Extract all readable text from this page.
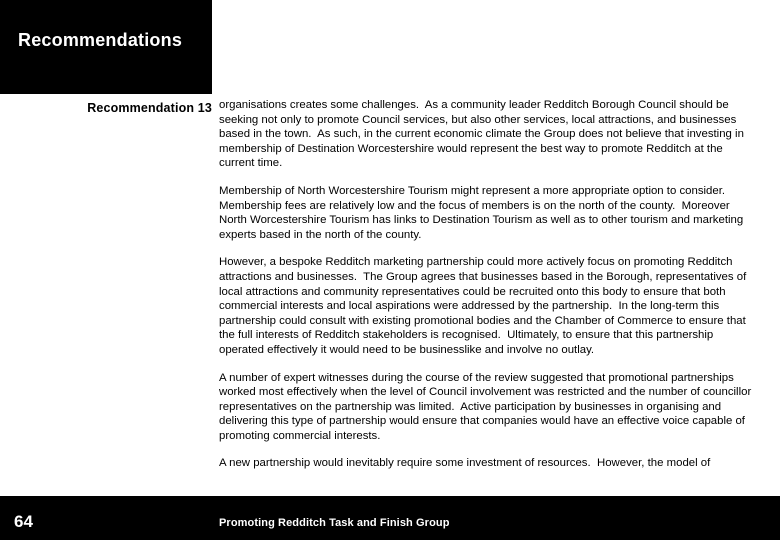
Recommendations
Recommendation 13 organisations creates some challenges.  As a community leader Redditch Borough Council should be seeking not only to promote Council services, but also other services, local attractions, and businesses based in the town.  As such, in the current economic climate the Group does not believe that investing in membership of Destination Worcestershire would represent the best way to promote Redditch at the current time.

Membership of North Worcestershire Tourism might represent a more appropriate option to consider.  Membership fees are relatively low and the focus of members is on the north of the county.  Moreover North Worcestershire Tourism has links to Destination Tourism as well as to other tourism and marketing experts based in the north of the county.

However, a bespoke Redditch marketing partnership could more actively focus on promoting Redditch attractions and businesses.  The Group agrees that businesses based in the Borough, representatives of local attractions and community representatives could be recruited onto this body to ensure that both commercial interests and local aspirations were addressed by the partnership.  In the long-term this partnership could consult with existing promotional bodies and the Chamber of Commerce to ensure that the full interests of Redditch stakeholders is recognised.  Ultimately, to ensure that this partnership operated effectively it would need to be businesslike and involve no outlay.

A number of expert witnesses during the course of the review suggested that promotional partnerships worked most effectively when the level of Council involvement was restricted and the number of councillor representatives on the partnership was limited.  Active participation by businesses in organising and delivering this type of partnership would ensure that companies would have an effective voice capable of promoting commercial interests.

A new partnership would inevitably require some investment of resources.  However, the model of

64	Promoting Redditch Task and Finish Group
